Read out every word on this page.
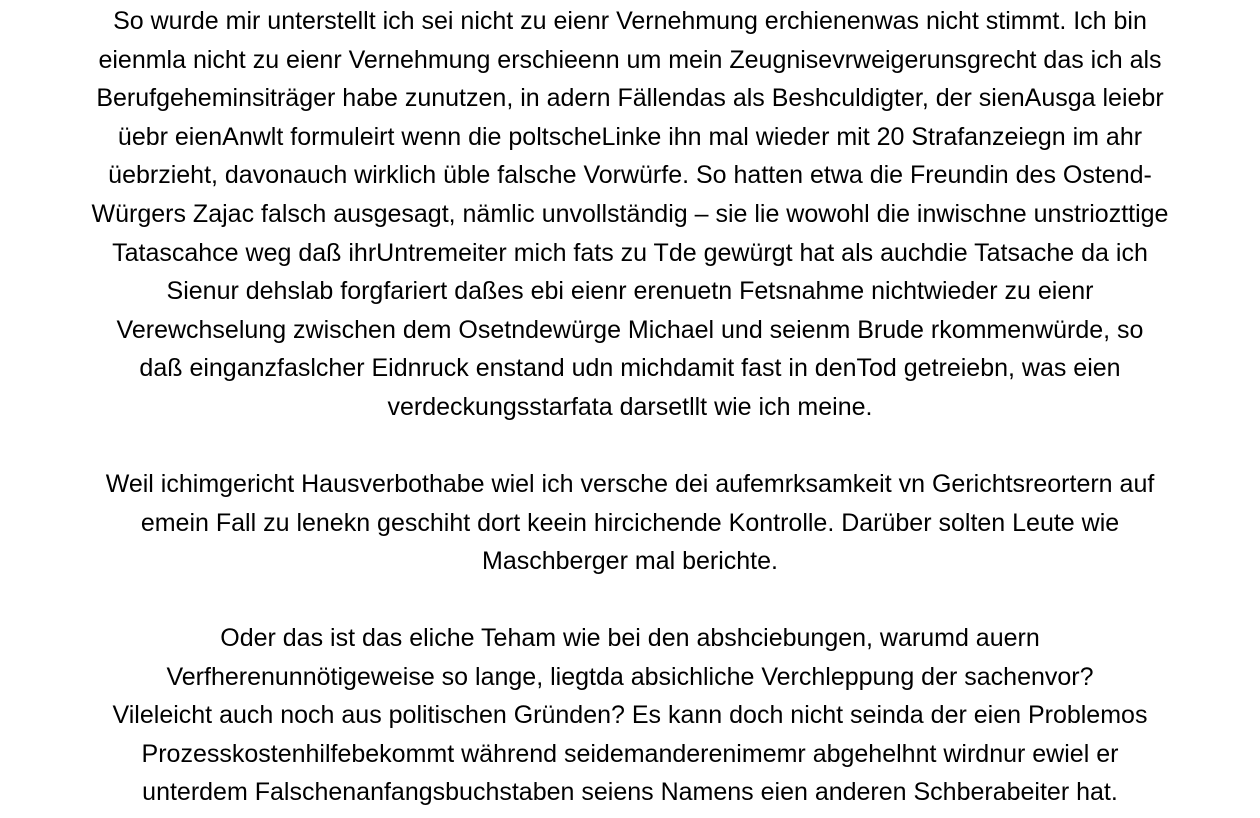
So wurde mir unterstellt ich sei nicht zu eienr Vernehmung erchienenwas nicht stimmt. Ich bin
eienmla nicht zu eienr Vernehmung erschieenn um mein Zeugnisevrweigerunsgrecht das ich als
Berufgeheminsiträger habe zunutzen, in adern Fällendas als Beshculdigter, der sienAusga leiebr
üebr eienAnwlt formuleirt wenn die poltscheLinke ihn mal wieder mit 20 Strafanzeiegn im ahr
üebrzieht, davonauch wirklich üble falsche Vorwürfe. So hatten etwa die Freundin des Ostend-
Würgers Zajac falsch ausgesagt, nämlic unvollständig – sie lie wowohl die inwischne unstriozttige
Tatascahce weg daß ihrUntremeiter mich fats zu Tde gewürgt hat als auchdie Tatsache da ich
Sienur dehslab forgfariert daßes ebi eienr erenuetn Fetsnahme nichtwieder zu eienr
Verewchselung zwischen dem Osetndewürge Michael und seienm Brude rkommenwürde, so
daß einganzfaslcher Eidnruck enstand udn michdamit fast in denTod getreiebn, was eien
verdeckungsstarfata darsetllt wie ich meine.

Weil ichimgericht Hausverbothabe wiel ich versche dei aufemrksamkeit vn Gerichtsreortern auf
emein Fall zu lenekn geschiht dort keein hircichende Kontrolle. Darüber solten Leute wie
Maschberger mal berichte.

Oder das ist das eliche Teham wie bei den abshciebungen, warumd auern
Verfherenunnötigeweise so lange, liegtda absichliche Verchleppung der sachenvor?
Vileleicht auch noch aus politischen Gründen? Es kann doch nicht seinda der eien Problemos
Prozesskostenhilfebekommt während seidemanderenimemr abgehelhnt wirdnur ewiel er
unterdem Falschenanfangsbuchstaben seiens Namens eien anderen Schberabeiter hat.
